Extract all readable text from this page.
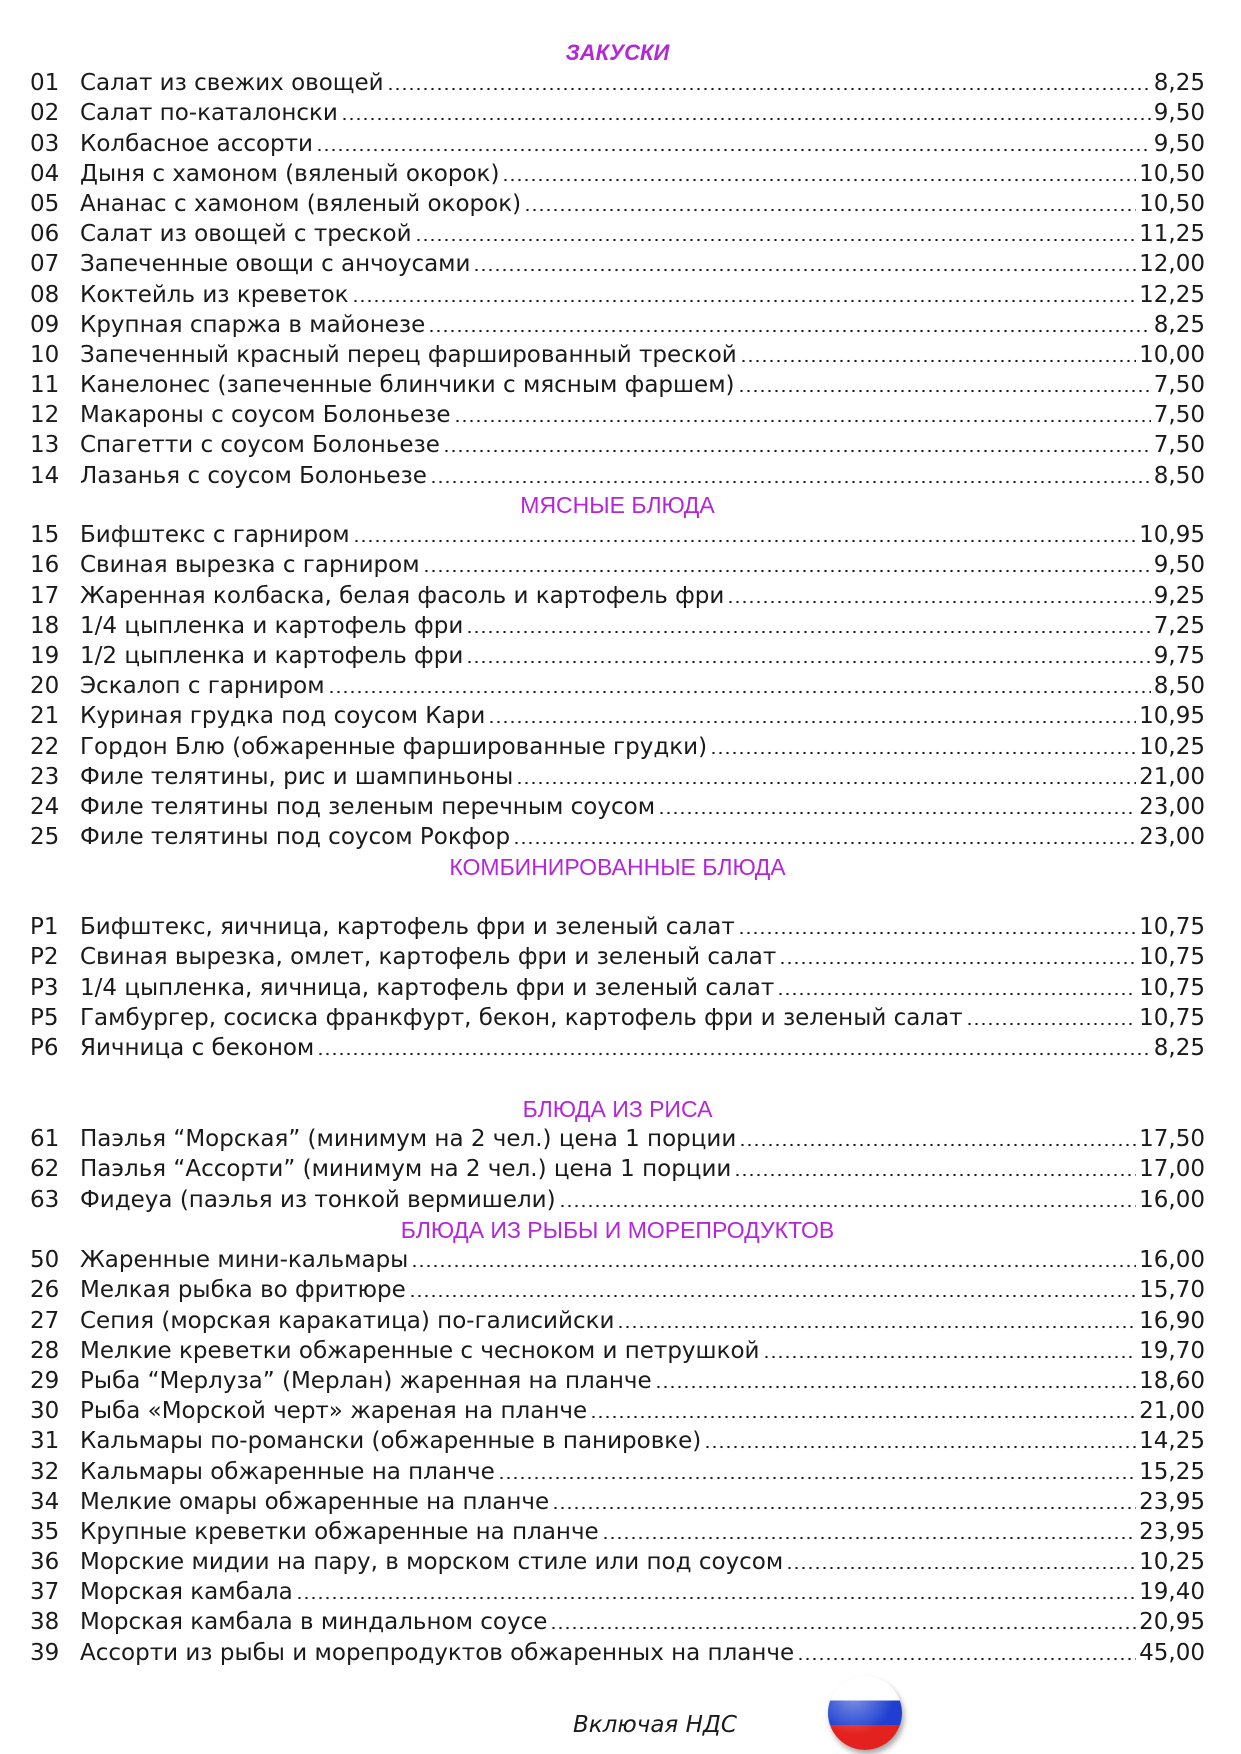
ЗАКУСКИ
01 Салат из свежих овощей	8,25
02 Салат по-каталонски	9,50
03 Колбасное ассорти	9,50
04 Дыня с хамоном (вяленый окорок)	10,50
05 Ананас с хамоном (вяленый окорок)	10,50
06 Салат из овощей с треской	11,25
07 Запеченные овощи с анчоусами	12,00
08 Коктейль из креветок	12,25
09 Крупная спаржа в майонезе	8,25
10 Запеченный красный перец фаршированный треской	10,00
11 Канелонес (запеченные блинчики с мясным фаршем)	7,50
12 Макароны с соусом Болоньезе	7,50
13 Спагетти с соусом Болоньезе	7,50
14 Лазанья с соусом Болоньезе	8,50
МЯСНЫЕ БЛЮДА
15 Бифштекс с гарниром	10,95
16 Свиная вырезка с гарниром	9,50
17 Жаренная колбаска, белая фасоль и картофель фри	9,25
18 1/4 цыпленка и картофель фри	7,25
19 1/2 цыпленка и картофель фри	9,75
20 Эскалоп с гарниром	8,50
21 Куриная грудка под соусом Кари	10,95
22 Гордон Блю (обжаренные фаршированные грудки)	10,25
23 Филе телятины, рис и шампиньоны	21,00
24 Филе телятины под зеленым перечным соусом	23,00
25 Филе телятины под соусом Рокфор	23,00
КОМБИНИРОВАННЫЕ БЛЮДА
P1 Бифштекс, яичница, картофель фри и зеленый салат	10,75
P2 Свиная вырезка, омлет, картофель фри и зеленый салат	10,75
P3 1/4 цыпленка, яичница, картофель фри и зеленый салат	10,75
P5 Гамбургер, сосиска франкфурт, бекон, картофель фри и зеленый салат	10,75
P6 Яичница с беконом	8,25
БЛЮДА ИЗ РИСА
61 Паэлья “Морская” (минимум на 2 чел.) цена 1 порции	17,50
62 Паэлья “Ассорти” (минимум на 2 чел.) цена 1 порции	17,00
63 Фидеуа (паэлья из тонкой вермишели)	16,00
БЛЮДА ИЗ РЫБЫ И МОРЕПРОДУКТОВ
50 Жаренные мини-кальмары	16,00
26 Мелкая рыбка во фритюре	15,70
27 Сепия (морская каракатица) по-галисийски	16,90
28 Мелкие креветки обжаренные с чесноком и петрушкой	19,70
29 Рыба “Мерлуза” (Мерлан) жаренная на планче	18,60
30 Рыба «Морской черт» жареная на планче	21,00
31 Кальмары по-романски (обжаренные в панировке)	14,25
32 Кальмары обжаренные на планче	15,25
34 Мелкие омары обжаренные на планче	23,95
35 Крупные креветки обжаренные на планче	23,95
36 Морские мидии на пару, в морском стиле или под соусом	10,25
37 Морская камбала	19,40
38 Морская камбала в миндальном соусе	20,95
39 Ассорти из рыбы и морепродуктов обжаренных на планче	45,00
Включая НДС
